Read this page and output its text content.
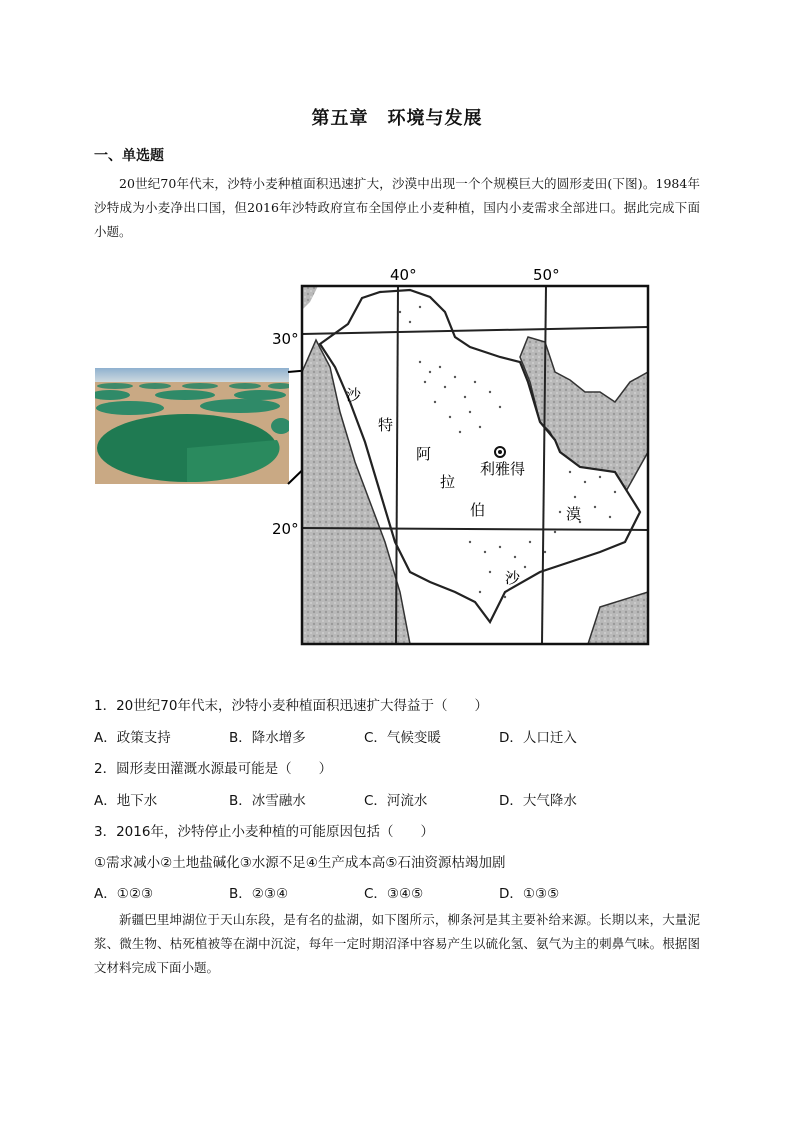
第五章　环境与发展
一、单选题
20世纪70年代末，沙特小麦种植面积迅速扩大，沙漠中出现一个个规模巨大的圆形麦田(下图)。1984年沙特成为小麦净出口国，但2016年沙特政府宣布全国停止小麦种植，国内小麦需求全部进口。据此完成下面小题。
40°	50°
30°
20°
沙
特
阿
拉
伯	漠
沙
利雅得
1．20世纪70年代末，沙特小麦种植面积迅速扩大得益于（　　）
A．政策支持	B．降水增多	C．气候变暖	D．人口迁入
2．圆形麦田灌溉水源最可能是（　　）
A．地下水	B．冰雪融水	C．河流水	D．大气降水
3．2016年，沙特停止小麦种植的可能原因包括（　　）
①需求减小②土地盐碱化③水源不足④生产成本高⑤石油资源枯竭加剧
A．①②③	B．②③④	C．③④⑤	D．①③⑤
新疆巴里坤湖位于天山东段，是有名的盐湖，如下图所示，柳条河是其主要补给来源。长期以来，大量泥浆、微生物、枯死植被等在湖中沉淀，每年一定时期沼泽中容易产生以硫化氢、氨气为主的刺鼻气味。根据图文材料完成下面小题。
